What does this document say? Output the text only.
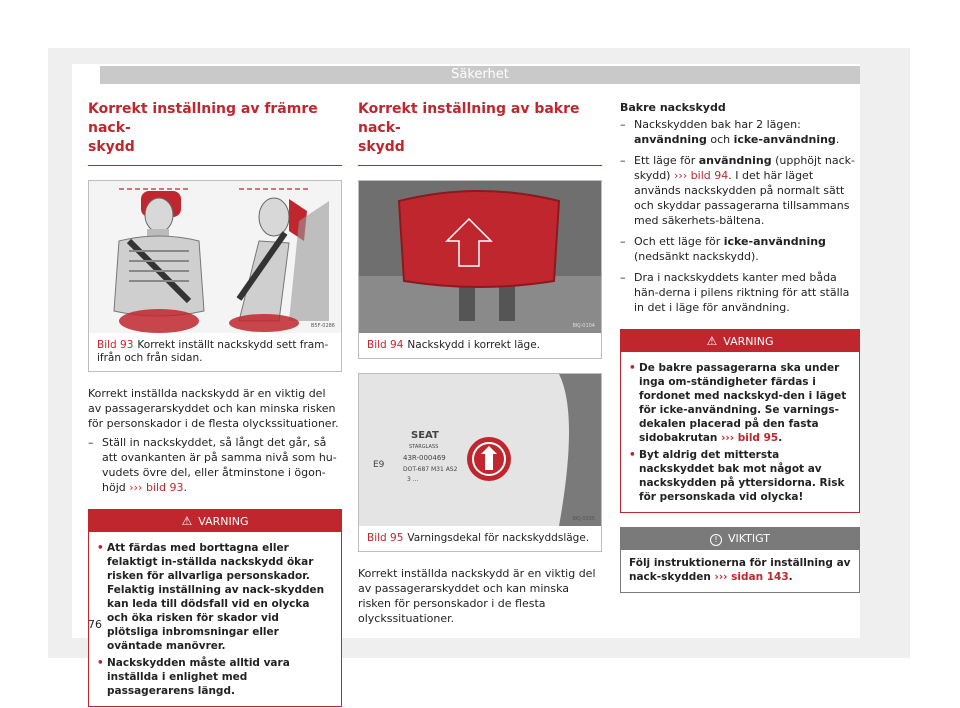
Säkerhet
Korrekt inställning av främre nack-
skydd
B5F-0286
Bild 93 Korrekt inställt nackskydd sett fram-
ifrån och från sidan.

Korrekt inställda nackskydd är en viktig del av passagerarskyddet och kan minska risken för personskador i de flesta olyckssituationer.

– Ställ in nackskyddet, så långt det går, så att ovankanten är på samma nivå som hu-vudets övre del, eller åtminstone i ögon-höjd ››› bild 93.
⚠ VARNING
• Att färdas med borttagna eller felaktigt in-ställda nackskydd ökar risken för allvarliga personskador. Felaktig inställning av nack-skydden kan leda till dödsfall vid en olycka och öka risken för skador vid plötsliga inbromsningar eller oväntade manövrer.
• Nackskydden måste alltid vara inställda i enlighet med passagerarens längd.
Korrekt inställning av bakre nack-
skydd
BKJ-0104
Bild 94 Nackskydd i korrekt läge.
SEAT
STARGLASS
E9
43R-000469
DOT-687 M31 AS2
3 ...
BKJ-0035
Bild 95 Varningsdekal för nackskyddsläge.

Korrekt inställda nackskydd är en viktig del av passagerarskyddet och kan minska risken för personskador i de flesta olyckssituationer.

Bakre nackskydd

– Nackskydden bak har 2 lägen: användning och icke-användning.
– Ett läge för användning (upphöjt nack-skydd) ››› bild 94. I det här läget används nackskydden på normalt sätt och skyddar passagerarna tillsammans med säkerhets-bältena.
– Och ett läge för icke-användning (nedsänkt nackskydd).
– Dra i nackskyddets kanter med båda hän-derna i pilens riktning för att ställa in det i läge för användning.
⚠ VARNING
• De bakre passagerarna ska under inga om-ständigheter färdas i fordonet med nackskyd-den i läget för icke-användning. Se varnings-dekalen placerad på den fasta sidobakrutan ››› bild 95.
• Byt aldrig det mittersta nackskyddet bak mot något av nackskydden på yttersidorna. Risk för personskada vid olycka!
! VIKTIGT
Följ instruktionerna för inställning av nack-skydden ››› sidan 143.
76
